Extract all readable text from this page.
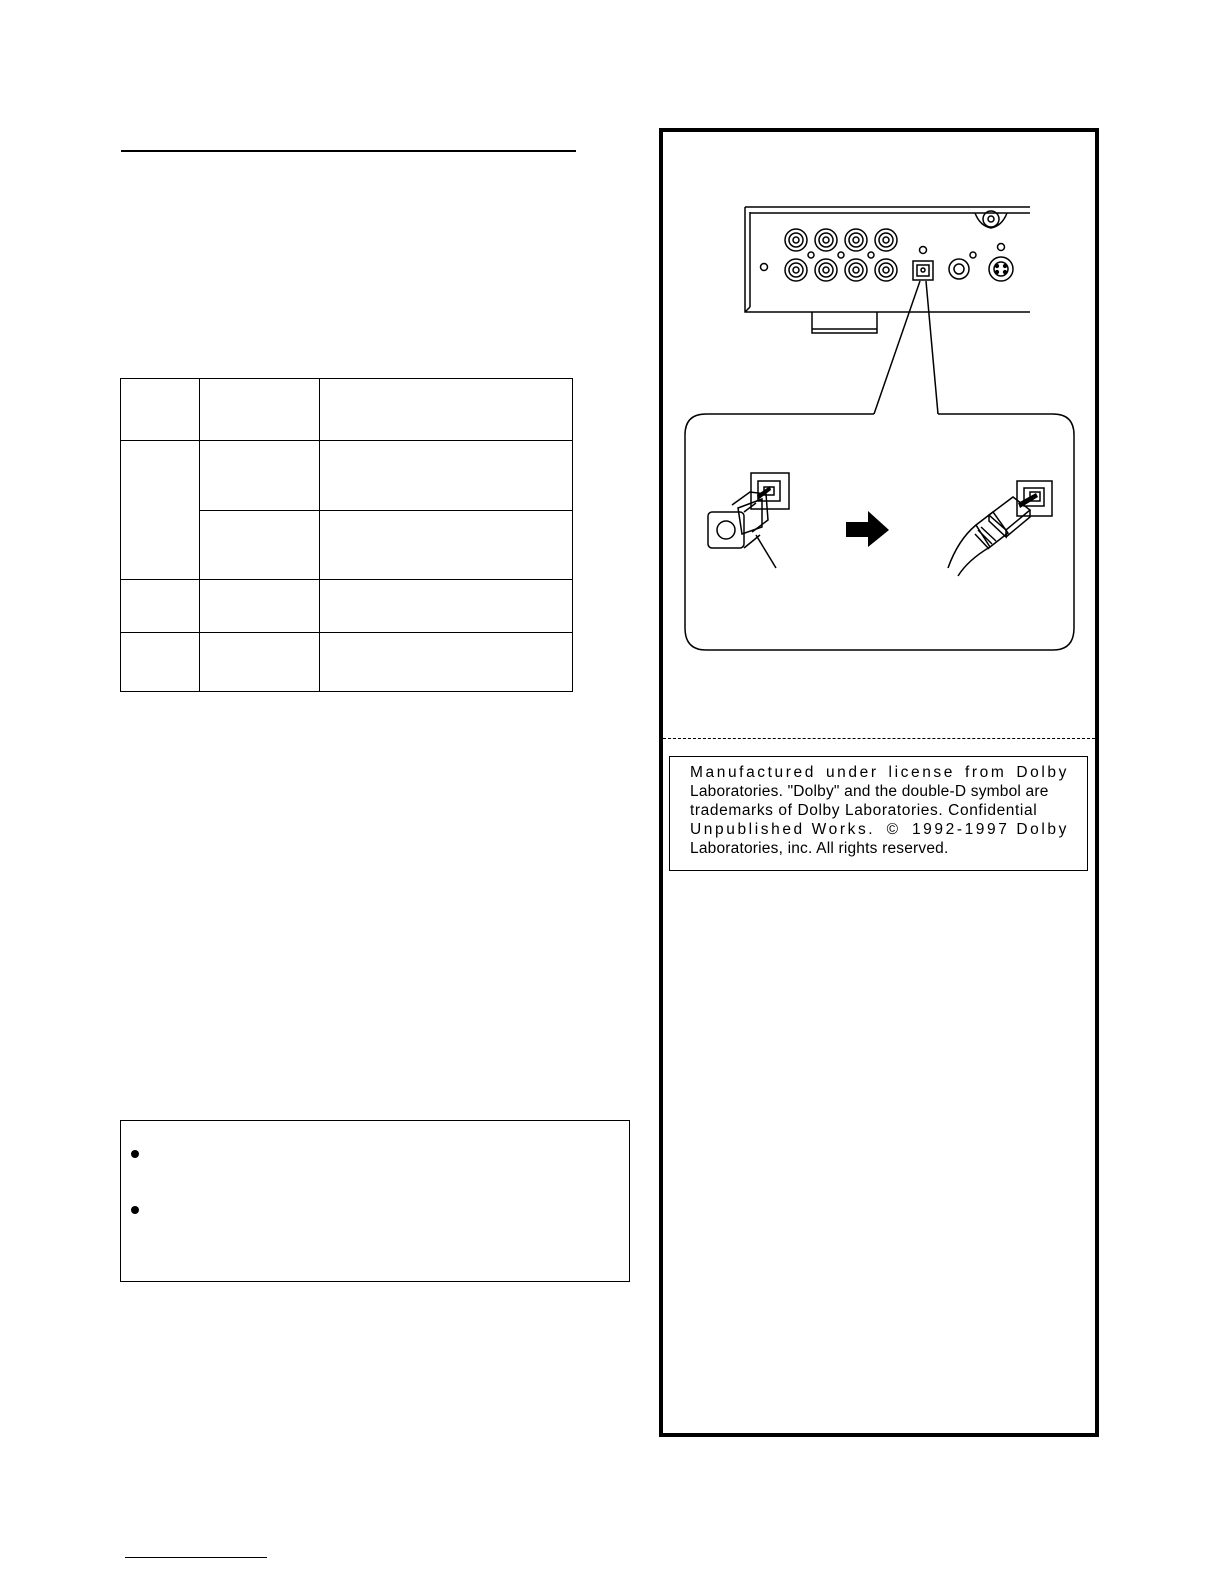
Manufactured under license from Dolby
Laboratories. "Dolby" and the double-D symbol are
trademarks of Dolby Laboratories. Confidential
Unpublished Works. © 1992-1997 Dolby
Laboratories, inc. All rights reserved.
